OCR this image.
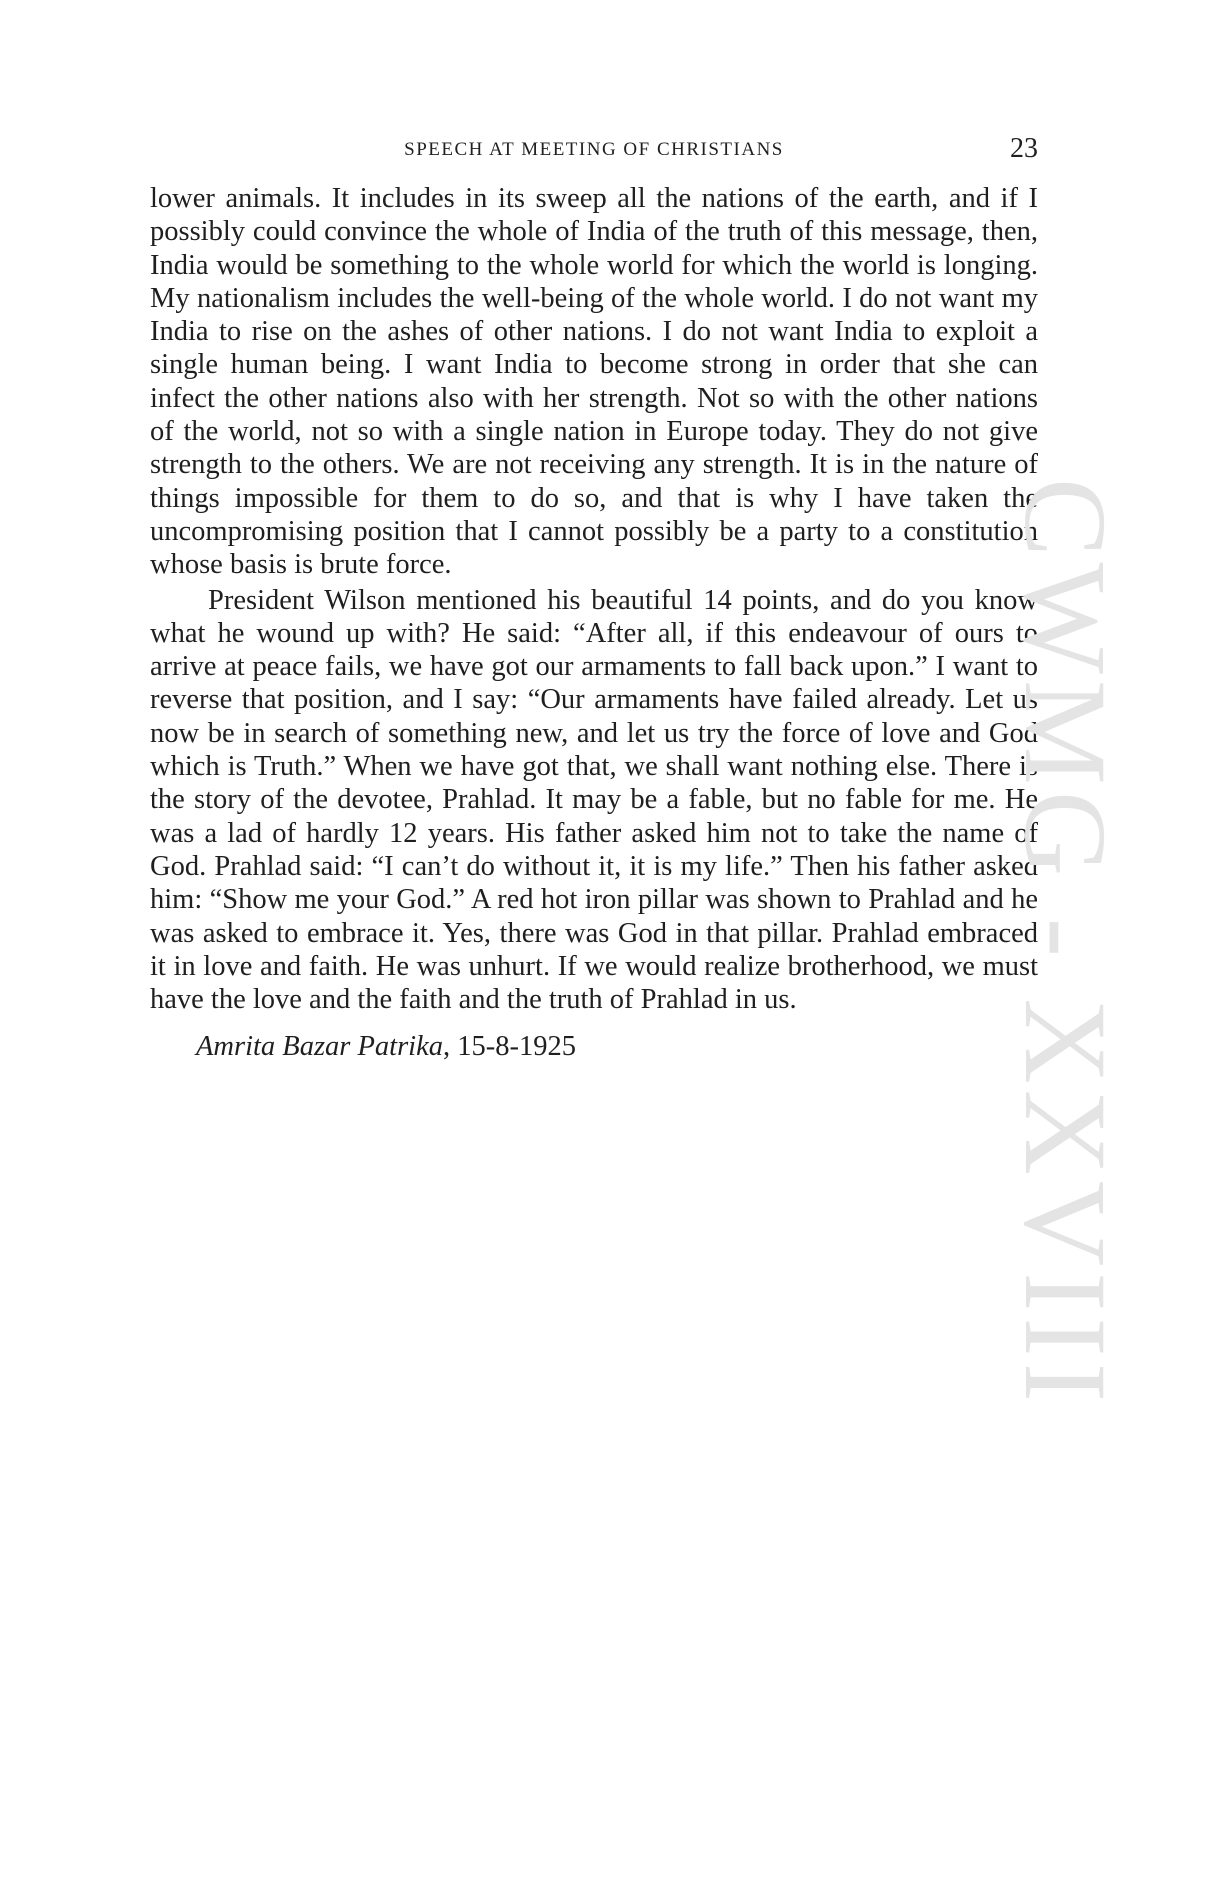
SPEECH AT MEETING OF CHRISTIANS	23

lower animals. It includes in its sweep all the nations of the earth, and if I possibly could convince the whole of India of the truth of this message, then, India would be something to the whole world for which the world is longing. My nationalism includes the well-being of the whole world. I do not want my India to rise on the ashes of other nations. I do not want India to exploit a single human being. I want India to become strong in order that she can infect the other nations also with her strength. Not so with the other nations of the world, not so with a single nation in Europe today. They do not give strength to the others. We are not receiving any strength. It is in the nature of things impossible for them to do so, and that is why I have taken the uncompromising position that I cannot possibly be a party to a constitution whose basis is brute force.

President Wilson mentioned his beautiful 14 points, and do you know what he wound up with? He said: “After all, if this endeavour of ours to arrive at peace fails, we have got our armaments to fall back upon.” I want to reverse that position, and I say: “Our armaments have failed already. Let us now be in search of something new, and let us try the force of love and God which is Truth.” When we have got that, we shall want nothing else. There is the story of the devotee, Prahlad. It may be a fable, but no fable for me. He was a lad of hardly 12 years. His father asked him not to take the name of God. Prahlad said: “I can’t do without it, it is my life.” Then his father asked him: “Show me your God.” A red hot iron pillar was shown to Prahlad and he was asked to embrace it. Yes, there was God in that pillar. Prahlad embraced it in love and faith. He was unhurt. If we would realize brotherhood, we must have the love and the faith and the truth of Prahlad in us.

Amrita Bazar Patrika, 15-8-1925	CWMG - XXVIII
